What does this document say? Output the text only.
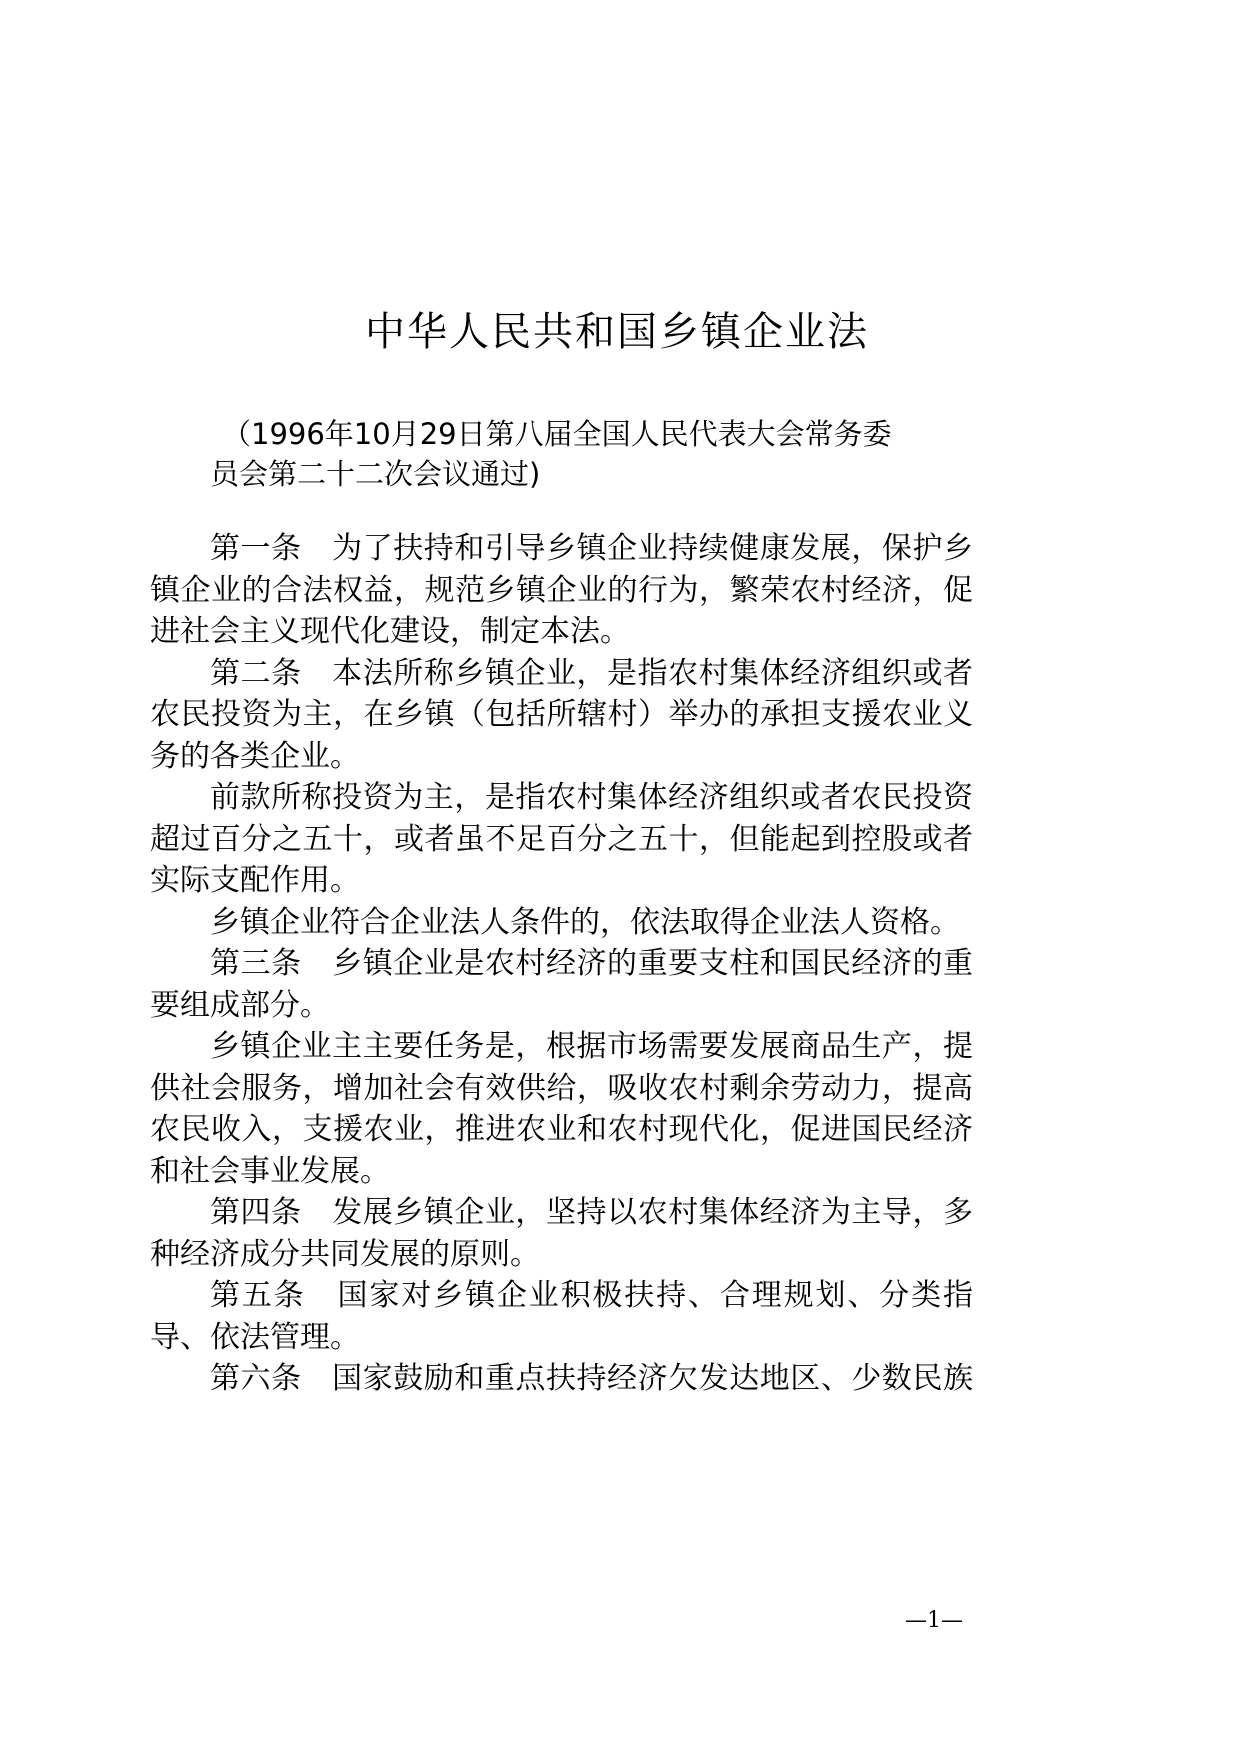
中华人民共和国乡镇企业法
（1996年10月29日第八届全国人民代表大会常务委
员会第二十二次会议通过)
第一条　为了扶持和引导乡镇企业持续健康发展，保护乡
镇企业的合法权益，规范乡镇企业的行为，繁荣农村经济，促
进社会主义现代化建设，制定本法。
第二条　本法所称乡镇企业，是指农村集体经济组织或者
农民投资为主，在乡镇（包括所辖村）举办的承担支援农业义
务的各类企业。
前款所称投资为主，是指农村集体经济组织或者农民投资
超过百分之五十，或者虽不足百分之五十，但能起到控股或者
实际支配作用。
乡镇企业符合企业法人条件的，依法取得企业法人资格。
第三条　乡镇企业是农村经济的重要支柱和国民经济的重
要组成部分。
乡镇企业主主要任务是，根据市场需要发展商品生产，提
供社会服务，增加社会有效供给，吸收农村剩余劳动力，提高
农民收入，支援农业，推进农业和农村现代化，促进国民经济
和社会事业发展。
第四条　发展乡镇企业，坚持以农村集体经济为主导，多
种经济成分共同发展的原则。
第五条　国家对乡镇企业积极扶持、合理规划、分类指
导、依法管理。
第六条　国家鼓励和重点扶持经济欠发达地区、少数民族
—1—
